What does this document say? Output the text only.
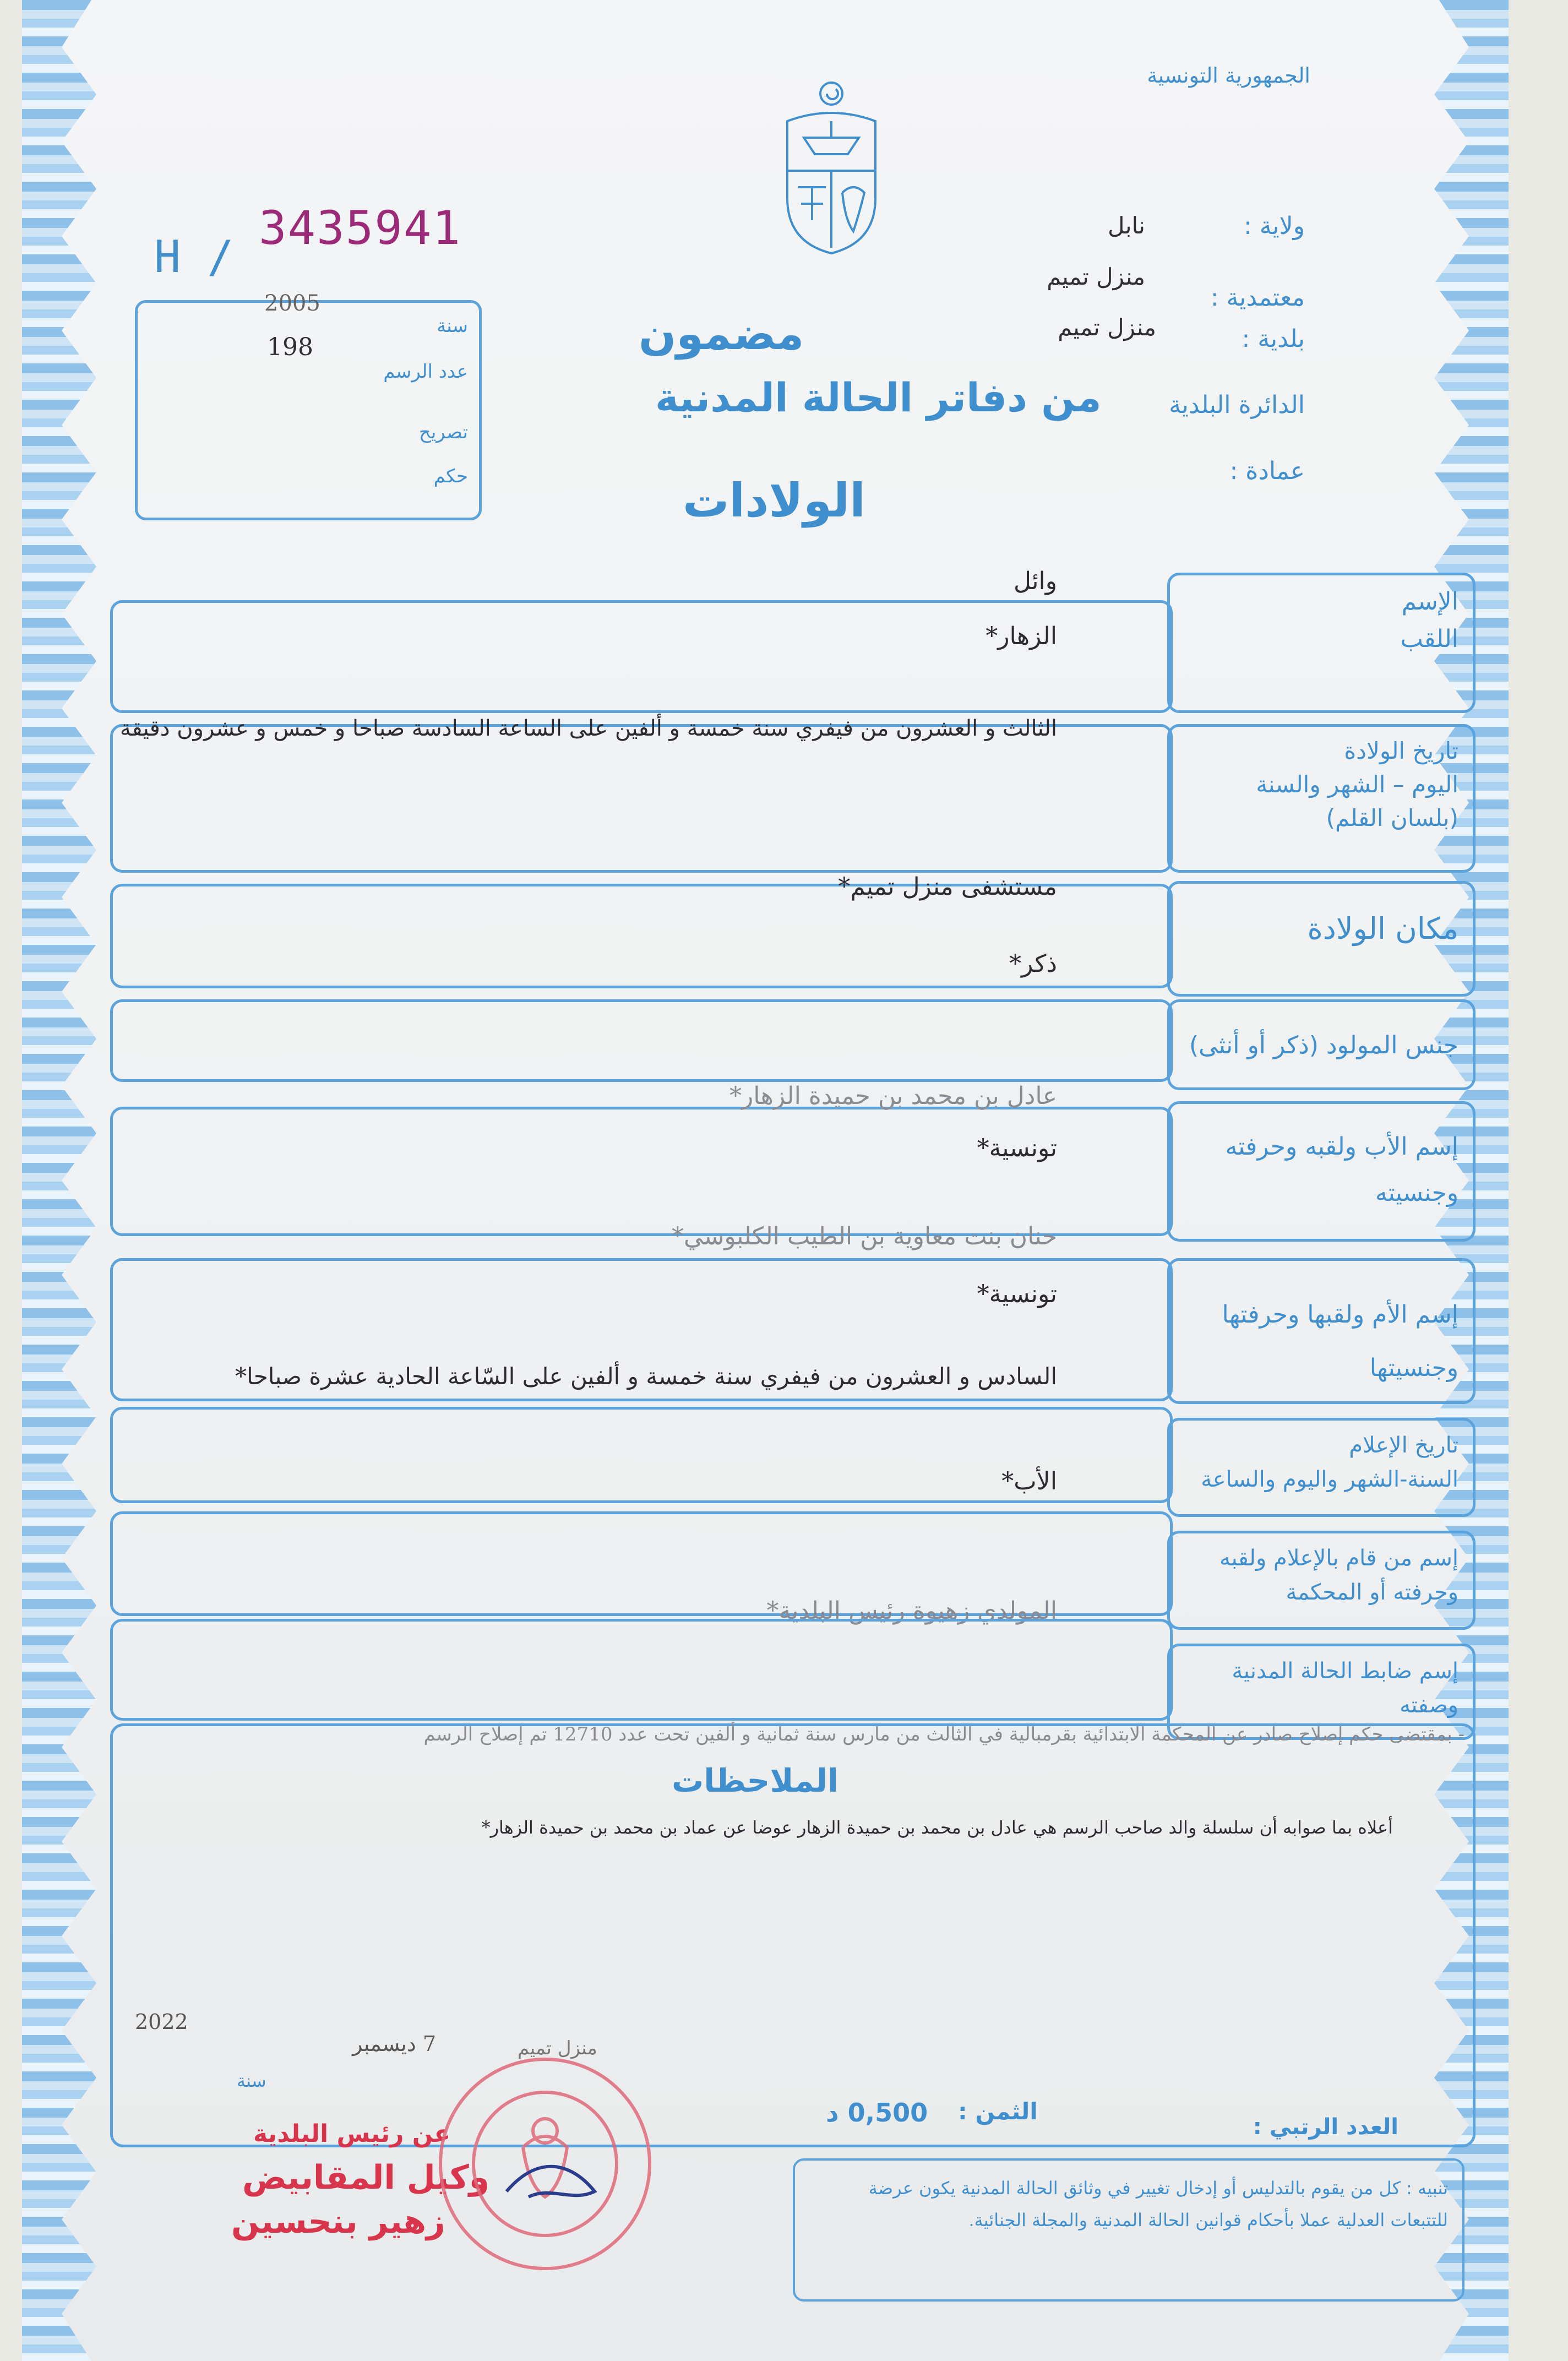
الجمهورية التونسية
ولاية :
نابل
معتمدية :
منزل تميم
بلدية :
منزل تميم
الدائرة البلدية
عمادة :
H /
3435941
سنة
2005
عدد الرسم
198
تصريح
حكم
مضمون
من دفاتر الحالة المدنية
الولادات
الإسم
اللقب
وائل
الزهار*
تاريخ الولادة
اليوم – الشهر والسنة
(بلسان القلم)
الثالث و العشرون من فيفري سنة خمسة و ألفين على الساعة السادسة صباحا و خمس و عشرون دقيقة
مكان الولادة
مستشفى منزل تميم*
جنس المولود (ذكر أو أنثى)
ذكر*
إسم الأب ولقبه وحرفته
وجنسيته
عادل بن محمد بن حميدة الزهار*
تونسية*
إسم الأم ولقبها وحرفتها
وجنسيتها
حنان بنت معاوية بن الطيب الكلبوسي*
تونسية*
السادس و العشرون من فيفري سنة خمسة و ألفين على السّاعة الحادية عشرة صباحا*
تاريخ الإعلام
السنة-الشهر واليوم والساعة
الأب*
إسم من قام بالإعلام ولقبه
وحرفته أو المحكمة
المولدي زهيوة رئيس البلدية*
إسم ضابط الحالة المدنية
وصفته
الملاحظات
- بمقتضى حكم إصلاح صادر عن المحكمة الابتدائية بقرمبالية في الثالث من مارس سنة ثمانية و ألفين تحت عدد 12710 تم إصلاح الرسم
أعلاه بما صوابه أن سلسلة والد صاحب الرسم هي عادل بن محمد بن حميدة الزهار عوضا عن عماد بن محمد بن حميدة الزهار*
2022
سنة
7 ديسمبر	منزل تميم
الثمن :
0,500 د	العدد الرتبي :
عن رئيس البلدية
وكيل المقابيض
زهير بنحسين
تنبيه : كل من يقوم بالتدليس أو إدخال تغيير في وثائق الحالة المدنية يكون عرضة للتتبعات العدلية عملا بأحكام قوانين الحالة المدنية والمجلة الجنائية.
